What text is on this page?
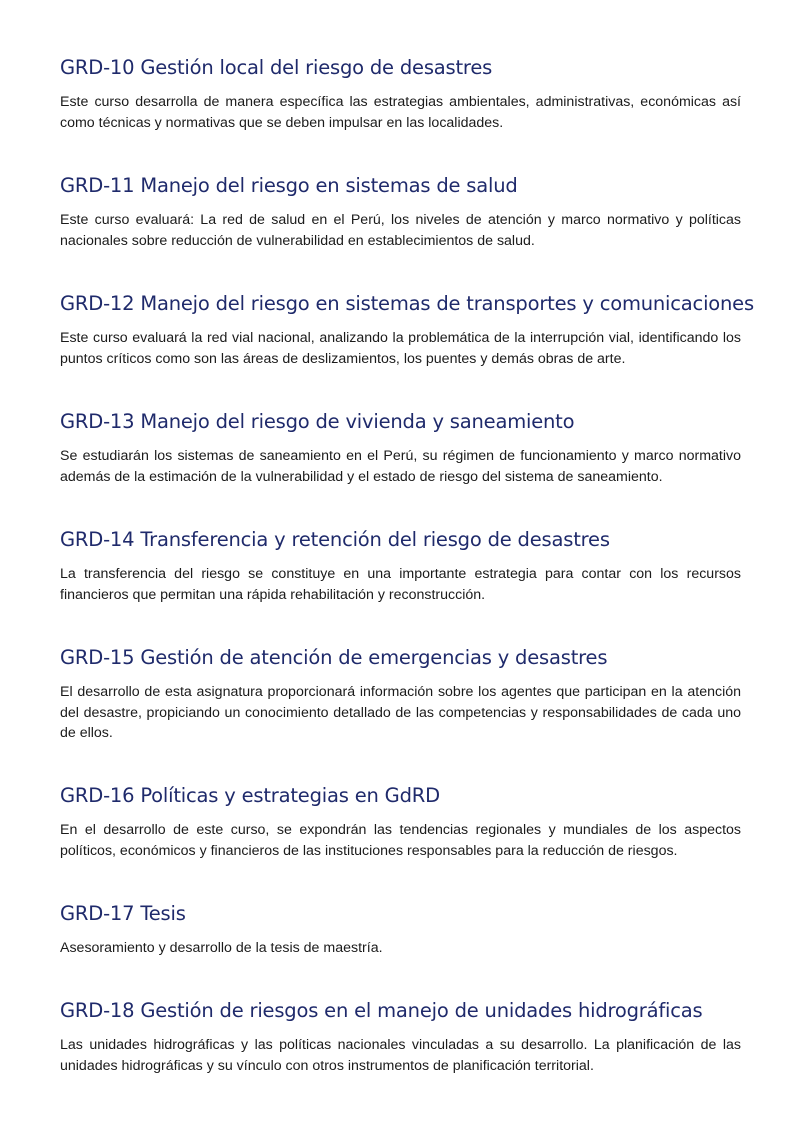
GRD-10 Gestión local del riesgo de desastres

Este curso desarrolla de manera específica las estrategias ambientales, administrativas, económicas así como técnicas y normativas que se deben impulsar en las localidades.

GRD-11 Manejo del riesgo en sistemas de salud

Este curso evaluará: La red de salud en el Perú, los niveles de atención y marco normativo y políticas nacionales sobre reducción de vulnerabilidad en establecimientos de salud.

GRD-12 Manejo del riesgo en sistemas de transportes y comunicaciones

Este curso evaluará la red vial nacional, analizando la problemática de la interrupción vial, identificando los puntos críticos como son las áreas de deslizamientos, los puentes y demás obras de arte.

GRD-13 Manejo del riesgo de vivienda y saneamiento

Se estudiarán los sistemas de saneamiento en el Perú, su régimen de funcionamiento y marco normativo además de la estimación de la vulnerabilidad y el estado de riesgo del sistema de saneamiento.

GRD-14 Transferencia y retención del riesgo de desastres

La transferencia del riesgo se constituye en una importante estrategia para contar con los recursos financieros que permitan una rápida rehabilitación y reconstrucción.

GRD-15 Gestión de atención de emergencias y desastres

El desarrollo de esta asignatura proporcionará información sobre los agentes que participan en la atención del desastre, propiciando un conocimiento detallado de las competencias y responsabilidades de cada uno de ellos.

GRD-16 Políticas y estrategias en GdRD

En el desarrollo de este curso, se expondrán las tendencias regionales y mundiales de los aspectos políticos, económicos y financieros de las instituciones responsables para la reducción de riesgos.

GRD-17 Tesis

Asesoramiento y desarrollo de la tesis de maestría.

GRD-18 Gestión de riesgos en el manejo de unidades hidrográficas

Las unidades hidrográficas y las políticas nacionales vinculadas a su desarrollo. La planificación de las unidades hidrográficas y su vínculo con otros instrumentos de planificación territorial.
